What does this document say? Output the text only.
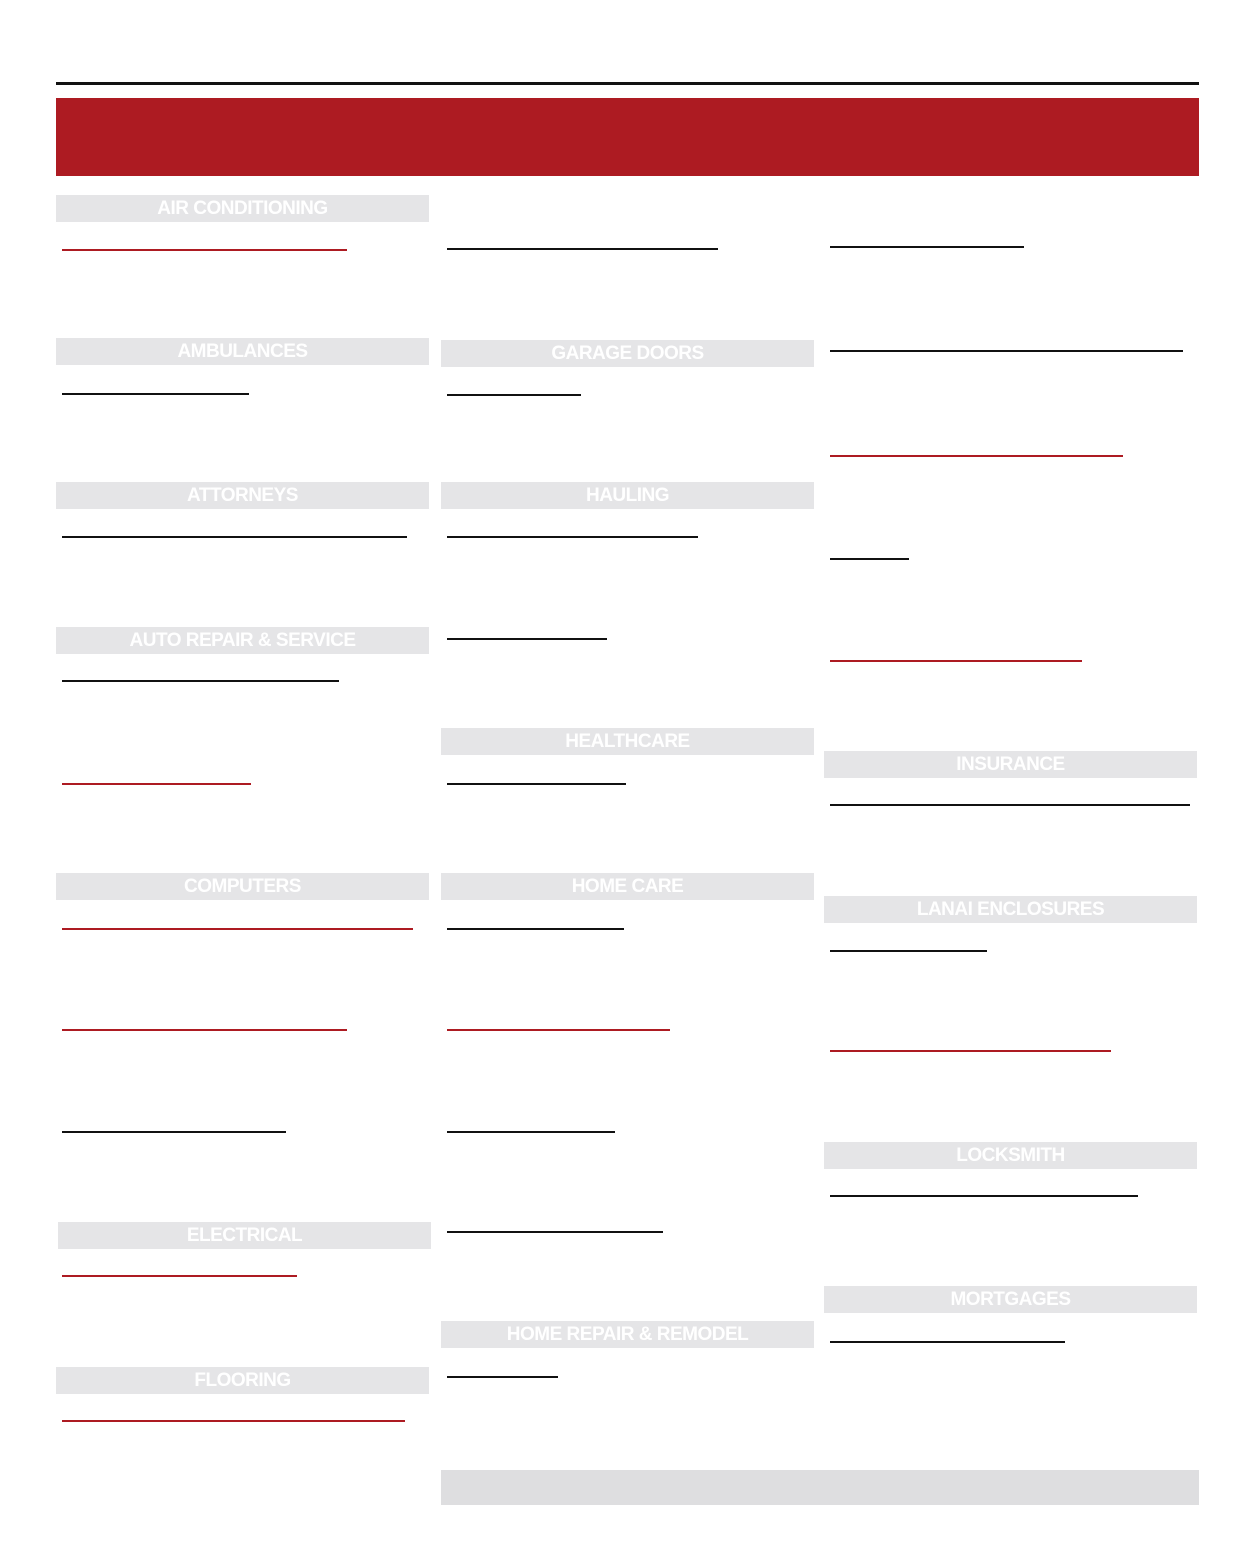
AIR CONDITIONING
AMBULANCES
ATTORNEYS
AUTO REPAIR & SERVICE
COMPUTERS
ELECTRICAL
FLOORING
GARAGE DOORS
HAULING
HEALTHCARE
HOME CARE
HOME REPAIR & REMODEL
INSURANCE
LANAI ENCLOSURES
LOCKSMITH
MORTGAGES
